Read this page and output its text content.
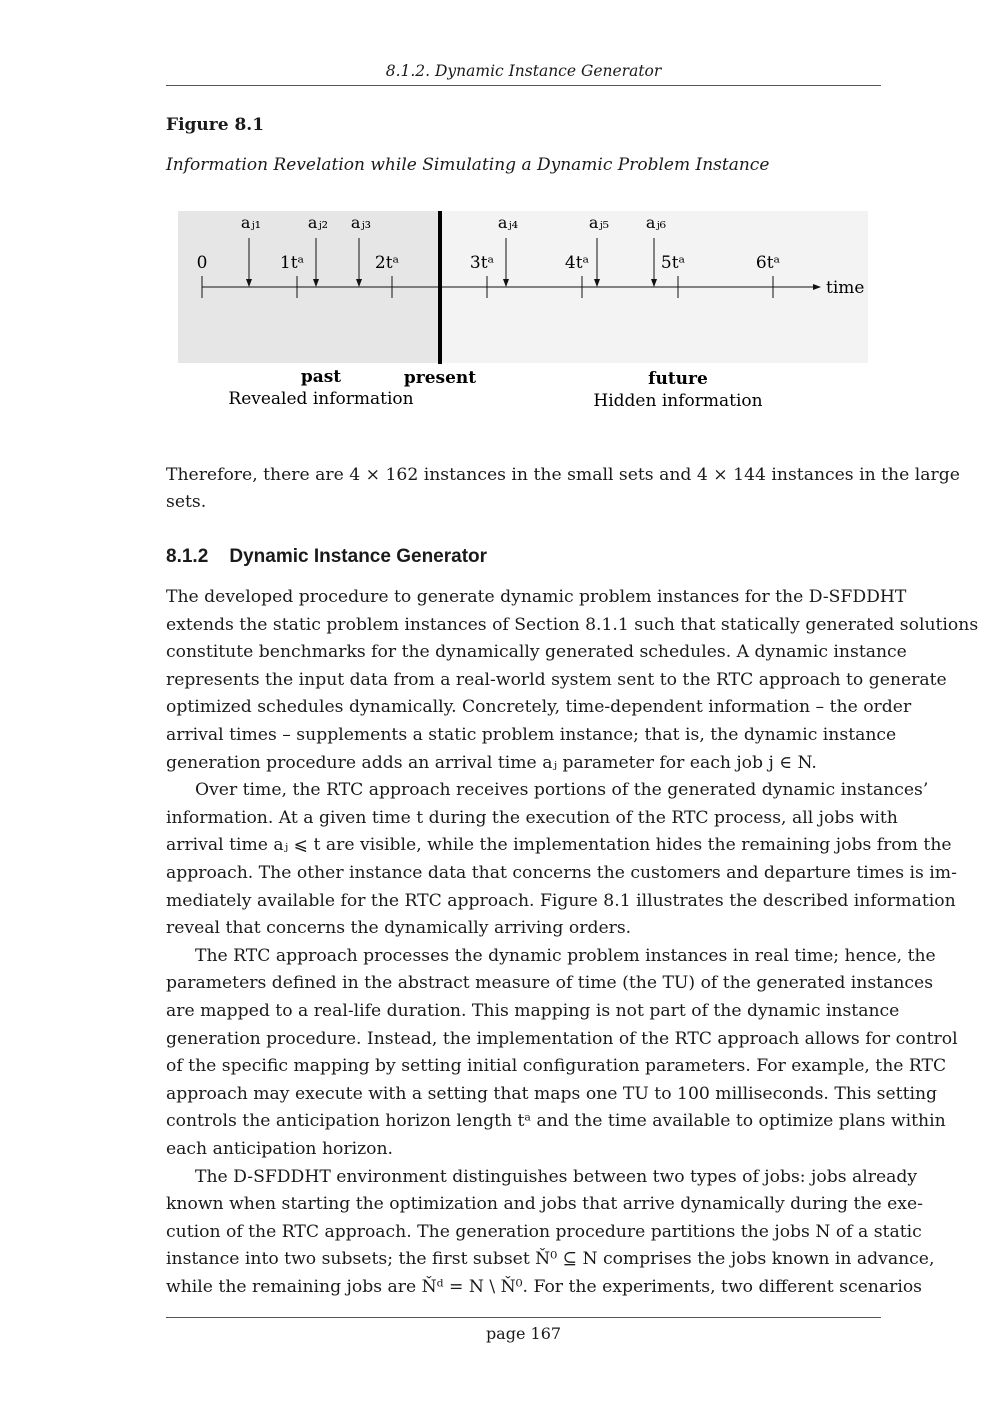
8.1.2. Dynamic Instance Generator
Figure 8.1
Information Revelation while Simulating a Dynamic Problem Instance
time
0	1tᵃ	2tᵃ	3tᵃ	4tᵃ	5tᵃ	6tᵃ
aⱼ₁	aⱼ₂ aⱼ₃	aⱼ₄	aⱼ₅ aⱼ₆
past
Revealed information
present	future
Hidden information
Therefore, there are 4 × 162 instances in the small sets and 4 × 144 instances in the large
sets.
The developed procedure to generate dynamic problem instances for the D-SFDDHT
extends the static problem instances of Section 8.1.1 such that statically generated solutions
constitute benchmarks for the dynamically generated schedules. A dynamic instance
represents the input data from a real-world system sent to the RTC approach to generate
optimized schedules dynamically. Concretely, time-dependent information – the order
arrival times – supplements a static problem instance; that is, the dynamic instance
generation procedure adds an arrival time aⱼ parameter for each job j ∈ N.
Over time, the RTC approach receives portions of the generated dynamic instances’
information. At a given time t during the execution of the RTC process, all jobs with
arrival time aⱼ ⩽ t are visible, while the implementation hides the remaining jobs from the
approach. The other instance data that concerns the customers and departure times is im-
mediately available for the RTC approach. Figure 8.1 illustrates the described information
reveal that concerns the dynamically arriving orders.
The RTC approach processes the dynamic problem instances in real time; hence, the
parameters defined in the abstract measure of time (the TU) of the generated instances
are mapped to a real-life duration. This mapping is not part of the dynamic instance
generation procedure. Instead, the implementation of the RTC approach allows for control
of the specific mapping by setting initial configuration parameters. For example, the RTC
approach may execute with a setting that maps one TU to 100 milliseconds. This setting
controls the anticipation horizon length tᵃ and the time available to optimize plans within
each anticipation horizon.
The D-SFDDHT environment distinguishes between two types of jobs: jobs already
known when starting the optimization and jobs that arrive dynamically during the exe-
cution of the RTC approach. The generation procedure partitions the jobs N of a static
instance into two subsets; the first subset Ň⁰ ⊆ N comprises the jobs known in advance,
while the remaining jobs are Ňᵈ = N \ Ň⁰. For the experiments, two different scenarios
8.1.2    Dynamic Instance Generator
page 167
